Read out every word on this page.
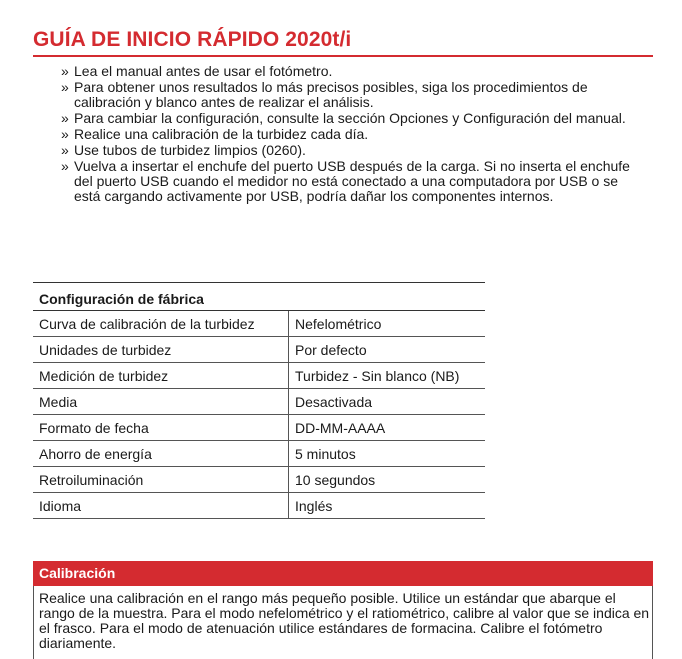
GUÍA DE INICIO RÁPIDO 2020t/i
» Lea el manual antes de usar el fotómetro.
» Para obtener unos resultados lo más precisos posibles, siga los procedimientos de calibración y blanco antes de realizar el análisis.
» Para cambiar la configuración, consulte la sección Opciones y Configuración del manual.
» Realice una calibración de la turbidez cada día.
» Use tubos de turbidez limpios (0260).
» Vuelva a insertar el enchufe del puerto USB después de la carga. Si no inserta el enchufe del puerto USB cuando el medidor no está conectado a una computadora por USB o se está cargando activamente por USB, podría dañar los componentes internos.
Configuración de fábrica	
Curva de calibración de la turbidez	Nefelométrico
Unidades de turbidez	Por defecto
Medición de turbidez	Turbidez - Sin blanco (NB)
Media	Desactivada
Formato de fecha	DD-MM-AAAA
Ahorro de energía	5 minutos
Retroiluminación	10 segundos
Idioma	Inglés
Calibración

Realice una calibración en el rango más pequeño posible. Utilice un estándar que abarque el rango de la muestra. Para el modo nefelométrico y el ratiométrico, calibre al valor que se indica en el frasco. Para el modo de atenuación utilice estándares de formacina. Calibre el fotómetro diariamente.
